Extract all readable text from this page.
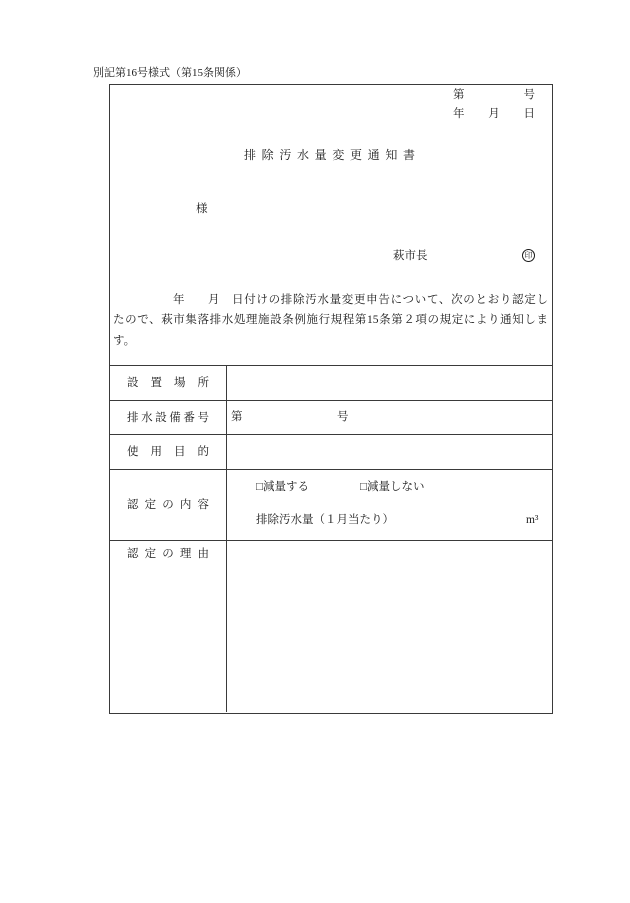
別記第16号様式（第15条関係）
第	号
年 月 日
排除汚水量変更通知書
様
萩市長	印
年 月 日付けの排除汚水量変更申告について、次のとおり認定し
たので、萩市集落排水処理施設条例施行規程第15条第２項の規定により通知しま
す。
設置場所
排水設備番号 第	号
使用目的
認定の内容
□減量する	□減量しない
排除汚水量（１月当たり）	m³
認定の理由
